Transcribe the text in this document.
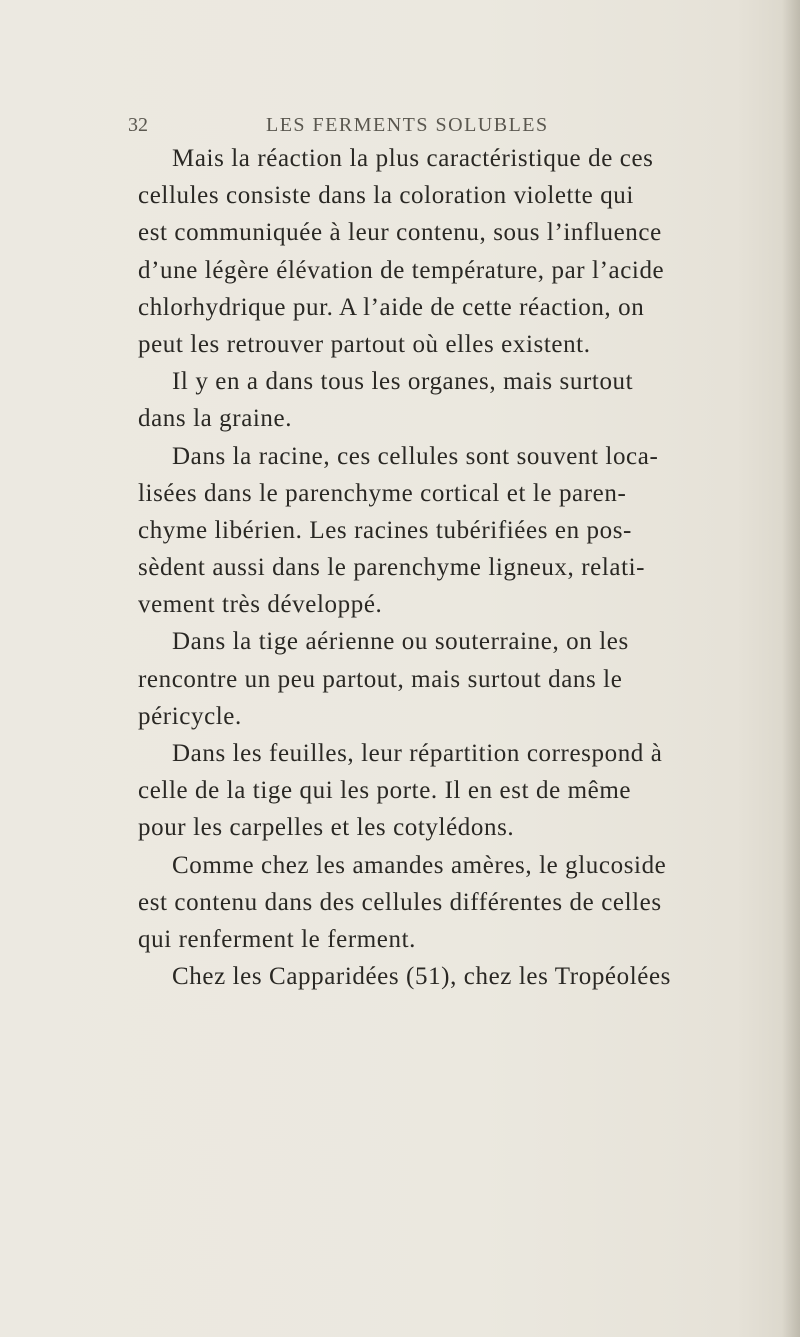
32	LES FERMENTS SOLUBLES
Mais la réaction la plus caractéristique de ces
cellules consiste dans la coloration violette qui
est communiquée à leur contenu, sous l’influence
d’une légère élévation de température, par l’acide
chlorhydrique pur. A l’aide de cette réaction, on
peut les retrouver partout où elles existent.
Il y en a dans tous les organes, mais surtout
dans la graine.
Dans la racine, ces cellules sont souvent loca-
lisées dans le parenchyme cortical et le paren-
chyme libérien. Les racines tubérifiées en pos-
sèdent aussi dans le parenchyme ligneux, relati-
vement très développé.
Dans la tige aérienne ou souterraine, on les
rencontre un peu partout, mais surtout dans le
péricycle.
Dans les feuilles, leur répartition correspond à
celle de la tige qui les porte. Il en est de même
pour les carpelles et les cotylédons.
Comme chez les amandes amères, le glucoside
est contenu dans des cellules différentes de celles
qui renferment le ferment.
Chez les Capparidées (51), chez les Tropéolées
